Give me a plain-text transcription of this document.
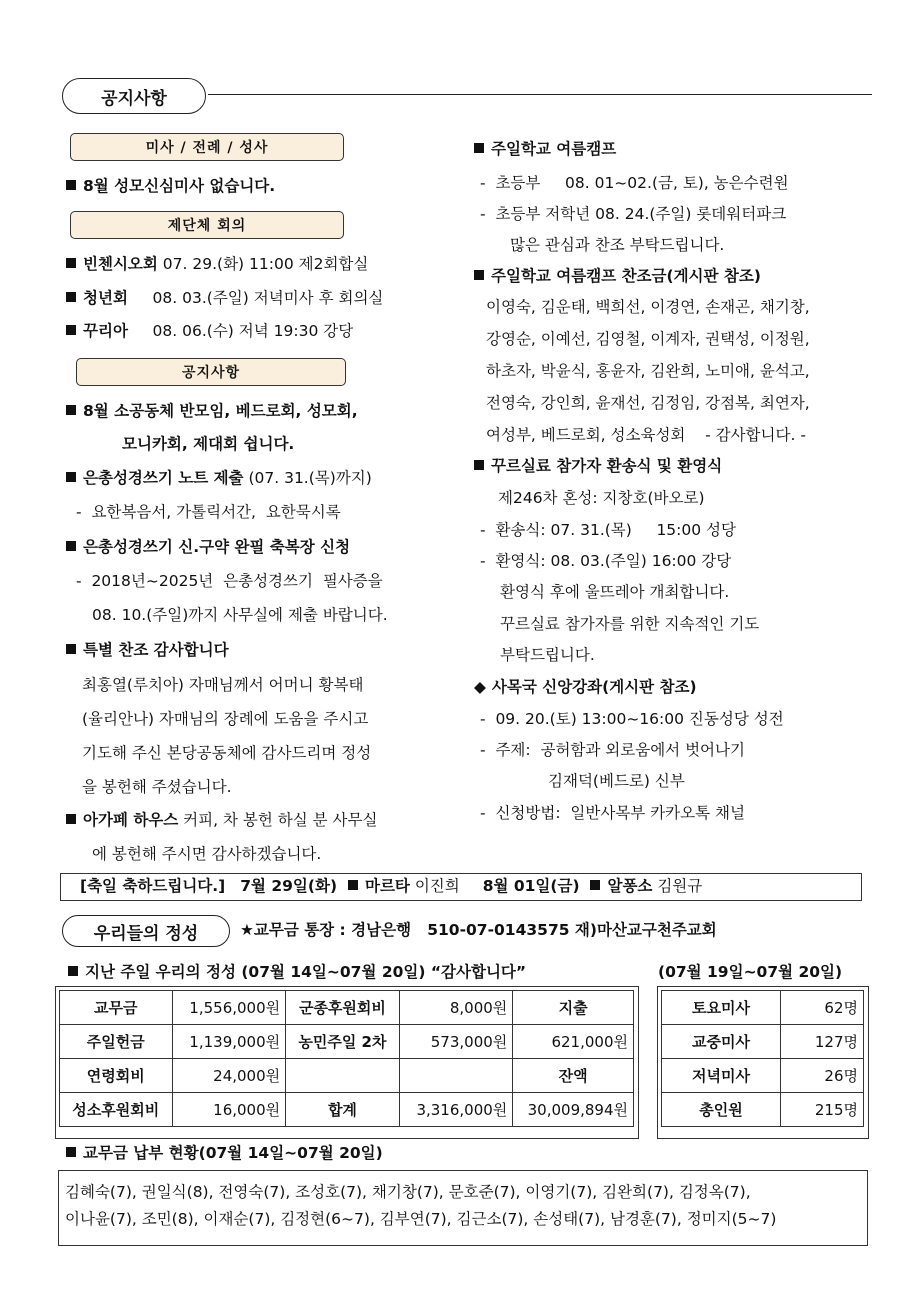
공지사항
미사 / 전례 / 성사
8월 성모신심미사 없습니다.
제단체 회의
빈첸시오회 07. 29.(화) 11:00 제2회합실
청년회     08. 03.(주일) 저녁미사 후 회의실
꾸리아     08. 06.(수) 저녁 19:30 강당
공지사항
8월 소공동체 반모임, 베드로회, 성모회,
모니카회, 제대회 쉽니다.
은총성경쓰기 노트 제출 (07. 31.(목)까지)
-  요한복음서, 가톨릭서간,  요한묵시록
은총성경쓰기 신.구약 완필 축복장 신청
-  2018년~2025년  은총성경쓰기  필사증을
08. 10.(주일)까지 사무실에 제출 바랍니다.
특별 찬조 감사합니다
최홍열(루치아) 자매님께서 어머니 황복태
(율리안나) 자매님의 장례에 도움을 주시고
기도해 주신 본당공동체에 감사드리며 정성
을 봉헌해 주셨습니다.
아가페 하우스 커피, 차 봉헌 하실 분 사무실
에 봉헌해 주시면 감사하겠습니다.
주일학교 여름캠프
-  초등부     08. 01~02.(금, 토), 농은수련원
-  초등부 저학년 08. 24.(주일) 롯데워터파크
많은 관심과 찬조 부탁드립니다.
주일학교 여름캠프 찬조금(게시판 참조)
이영숙, 김운태, 백희선, 이경연, 손재곤, 채기창,
강영순, 이예선, 김영철, 이계자, 권택성, 이정원,
하초자, 박윤식, 홍윤자, 김완희, 노미애, 윤석고,
전영숙, 강인희, 윤재선, 김정임, 강점복, 최연자,
여성부, 베드로회, 성소육성회    - 감사합니다. -
꾸르실료 참가자 환송식 및 환영식
제246차 혼성: 지창호(바오로)
-  환송식: 07. 31.(목)     15:00 성당
-  환영식: 08. 03.(주일) 16:00 강당
환영식 후에 울뜨레아 개최합니다.
꾸르실료 참가자를 위한 지속적인 기도
부탁드립니다.
◆ 사목국 신앙강좌(게시판 참조)
-  09. 20.(토) 13:00~16:00 진동성당 성전
-  주제:  공허함과 외로움에서 벗어나기
김재덕(베드로) 신부
-  신청방법:  일반사목부 카카오톡 채널
[축일 축하드립니다.] 7월 29일(화) 마르타 이진희 8월 01일(금) 알퐁소 김원규
우리들의 정성	★교무금 통장 : 경남은행   510-07-0143575 재)마산교구천주교회
지난 주일 우리의 정성 (07월 14일~07월 20일) “감사합니다”	(07월 19일~07월 20일)
교무금	1,556,000원	군종후원회비	8,000원	지출
주일헌금	1,139,000원	농민주일 2차	573,000원	621,000원
연령회비	24,000원			잔액
성소후원회비	16,000원	합계	3,316,000원	30,009,894원
토요미사	62명
교중미사	127명
저녁미사	26명
총인원	215명
교무금 납부 현황(07월 14일~07월 20일)
김혜숙(7), 권일식(8), 전영숙(7), 조성호(7), 채기창(7), 문호준(7), 이영기(7), 김완희(7), 김정옥(7),
이나윤(7), 조민(8), 이재순(7), 김정현(6~7), 김부연(7), 김근소(7), 손성태(7), 남경훈(7), 정미지(5~7)
